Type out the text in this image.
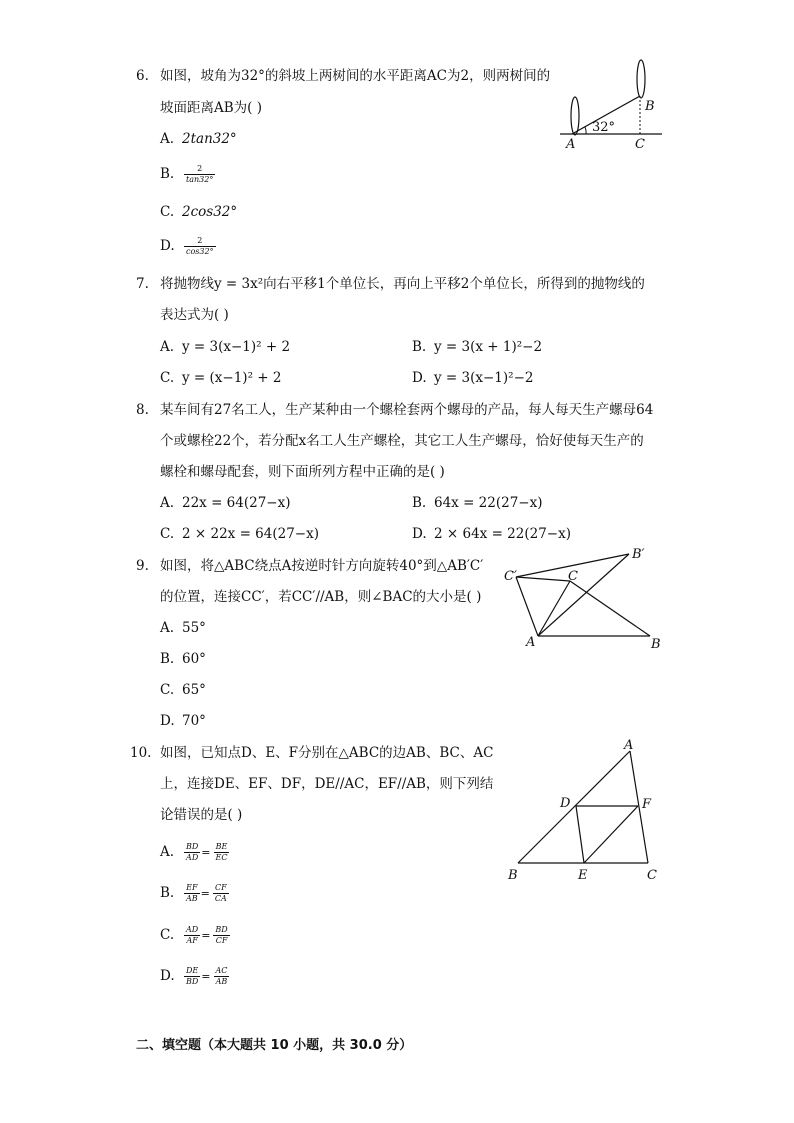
6. 如图，坡角为32°的斜坡上两树间的水平距离AC为2，则两树间的
坡面距离AB为( )
A. 2tan32°
B. $\frac{2}{\tan 32^\circ}$
C. 2cos32°
D. $\frac{2}{\cos 32^\circ}$
32°
A
B
C
7. 将抛物线y = 3x²向右平移1个单位长，再向上平移2个单位长，所得到的抛物线的
表达式为( )
A. y = 3(x−1)² + 2	B. y = 3(x + 1)²−2
C. y = (x−1)² + 2	D. y = 3(x−1)²−2
8. 某车间有27名工人，生产某种由一个螺栓套两个螺母的产品，每人每天生产螺母64
个或螺栓22个，若分配x名工人生产螺栓，其它工人生产螺母，恰好使每天生产的
螺栓和螺母配套，则下面所列方程中正确的是( )
A. 22x = 64(27−x)	B. 64x = 22(27−x)
C. 2 × 22x = 64(27−x)	D. 2 × 64x = 22(27−x)
9. 如图，将△ABC绕点A按逆时针方向旋转40°到△AB′C′
的位置，连接CC′，若CC′//AB，则∠BAC的大小是( )
A. 55°
B. 60°
C. 65°
D. 70°
C′	C
B′
A	B
10. 如图，已知点D、E、F分别在△ABC的边AB、BC、AC
上，连接DE、EF、DF，DE//AC，EF//AB，则下列结
论错误的是( )
A. $\frac{BD}{AD} = \frac{BE}{EC}$
B. $\frac{EF}{AB} = \frac{CF}{CA}$
C. $\frac{AD}{AF} = \frac{BD}{CF}$
D. $\frac{DE}{BD} = \frac{AC}{AB}$
A
D	F
B	E	C
二、填空题（本大题共 10 小题，共 30.0 分）
